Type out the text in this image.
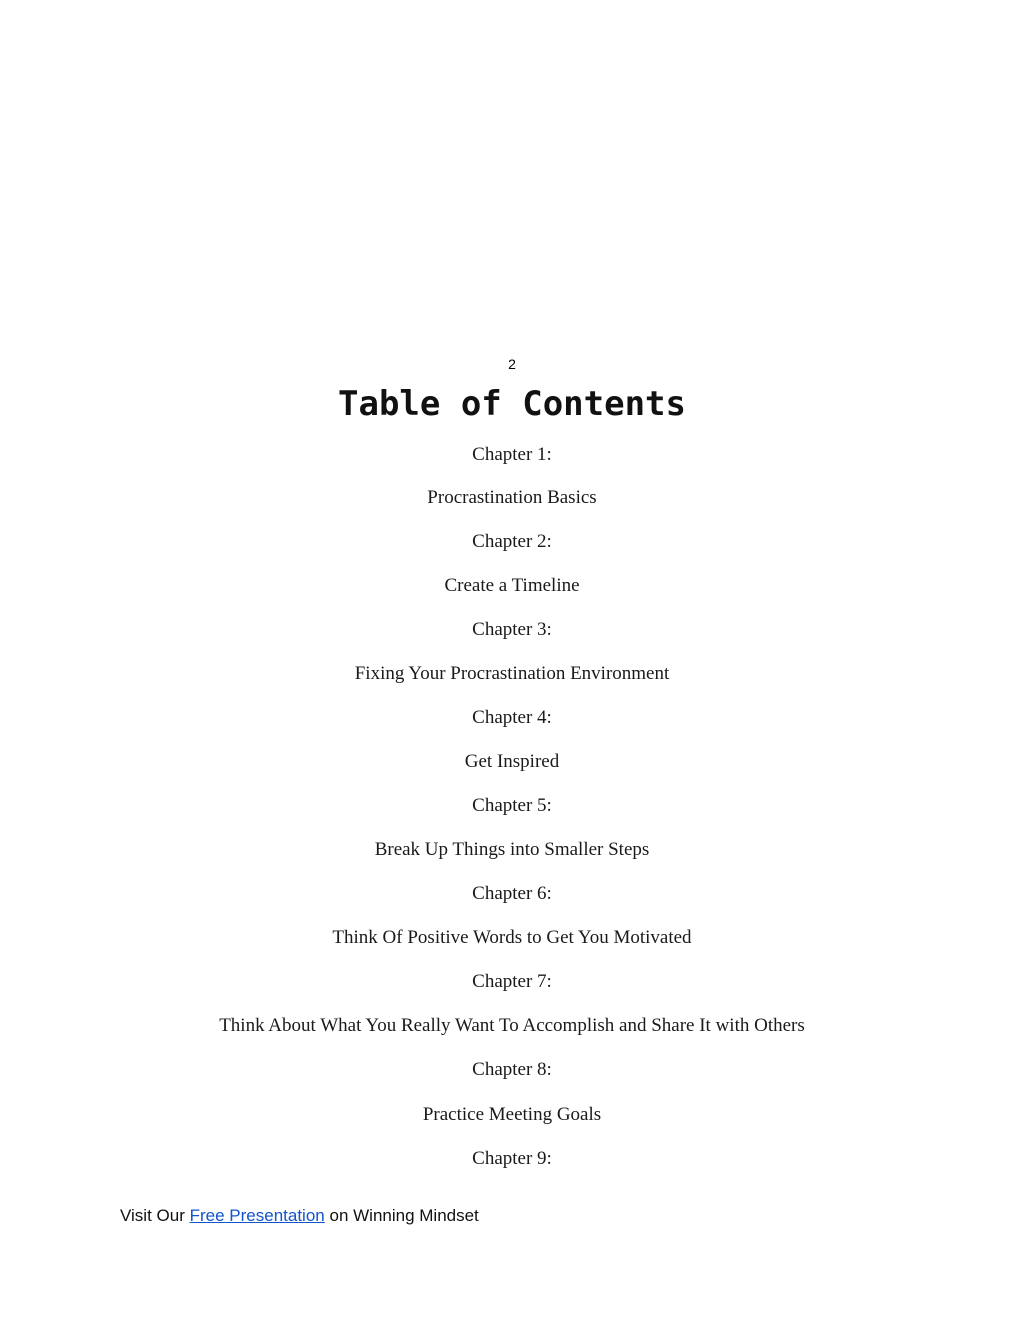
2
Table of Contents
Chapter 1:
Procrastination Basics
Chapter 2:
Create a Timeline
Chapter 3:
Fixing Your Procrastination Environment
Chapter 4:
Get Inspired
Chapter 5:
Break Up Things into Smaller Steps
Chapter 6:
Think Of Positive Words to Get You Motivated
Chapter 7:
Think About What You Really Want To Accomplish and Share It with Others
Chapter 8:
Practice Meeting Goals
Chapter 9:
Visit Our Free Presentation on Winning Mindset
